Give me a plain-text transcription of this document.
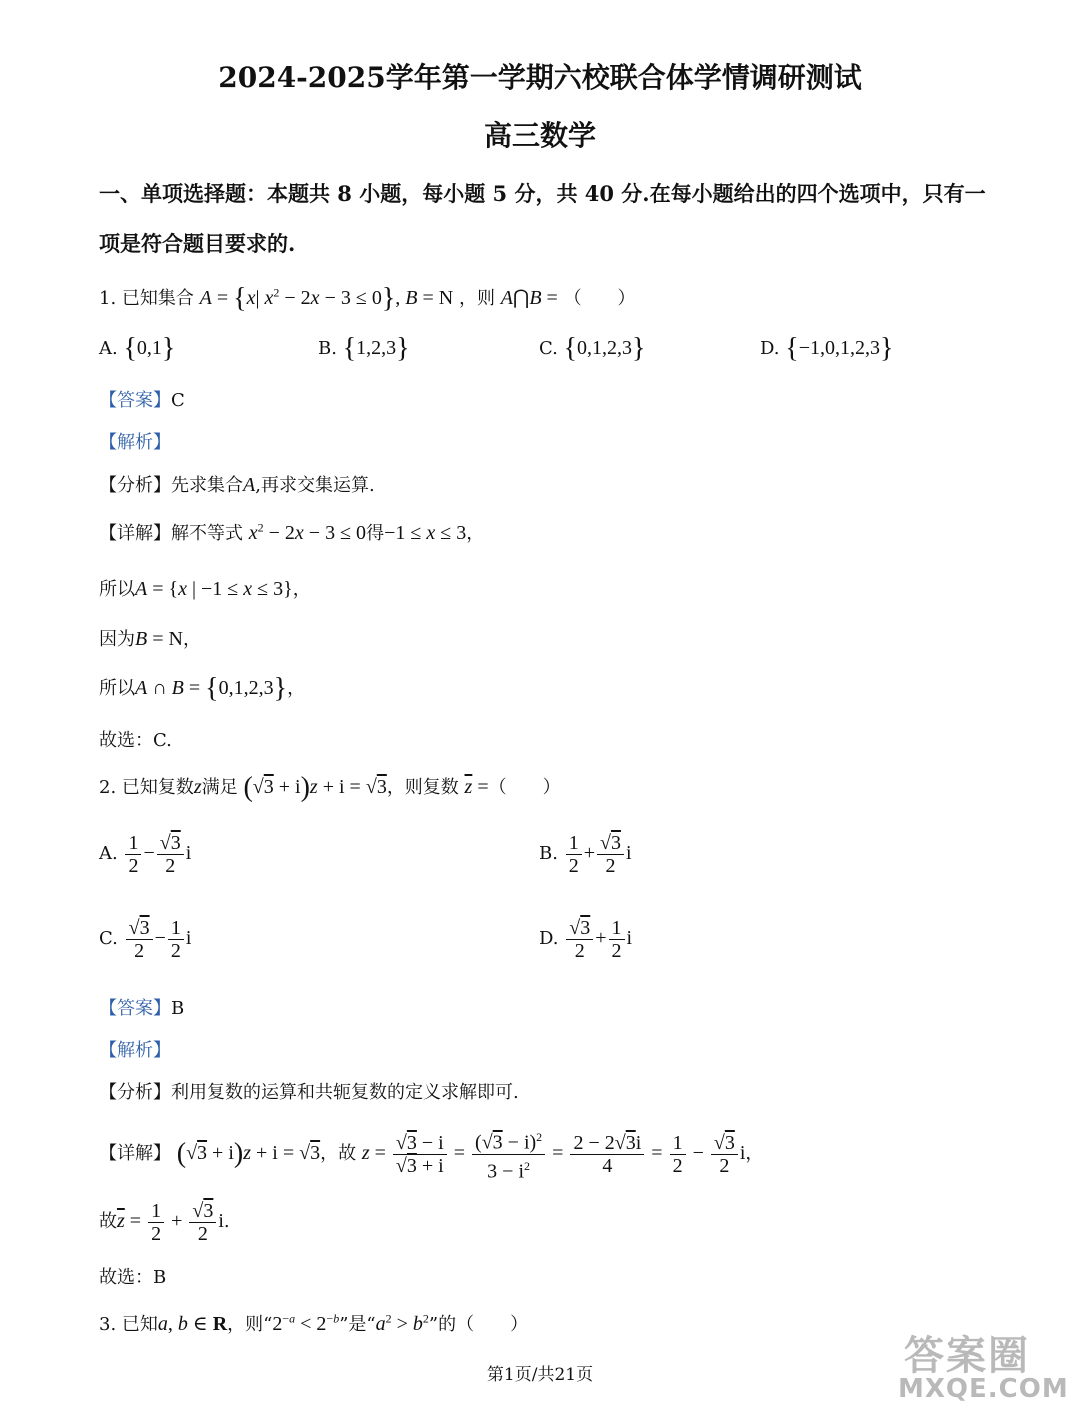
2024-2025学年第一学期六校联合体学情调研测试
高三数学
一、单项选择题：本题共 8 小题，每小题 5 分，共 40 分.在每小题给出的四个选项中，只有一
项是符合题目要求的.
1. 已知集合 A = {x| $x^2 - 2x - 3 \le 0$}, B = N ，则 A⋂B = （　　）
A. {0,1}	B. {1,2,3}	C. {0,1,2,3}	D. {−1,0,1,2,3}
【答案】C
【解析】
【分析】先求集合A,再求交集运算.
【详解】解不等式 $x^2 - 2x - 3 \le 0$得−1 ≤ x ≤ 3，
所以A = {x | −1 ≤ x ≤ 3}，
因为B = N，
所以A ∩ B = {0,1,2,3}，
故选：C.
2. 已知复数z满足 (√3 + i)z + i = √3，则复数 $\overline{z}$ =（　　）
A. $\frac{1}{2} - \frac{√3}{2}$ i	B. $\frac{1}{2} + \frac{√3}{2}$ i
C. $\frac{√3}{2} - \frac{1}{2}$ i	D. $\frac{√3}{2} + \frac{1}{2}$ i
【答案】B
【解析】
【分析】利用复数的运算和共轭复数的定义求解即可.
【详解】 (√3 + i)z + i = √3，故 $z = \frac{√3 - i}{√3 + i} = \frac{(√3 - i)^2}{3 - i^2} = \frac{2 - 2√3i}{4} = \frac{1}{2} - \frac{√3}{2}$ i，
故$\overline{z} = \frac{1}{2} + \frac{√3}{2} i$.
故选：B
3. 已知a, b ∈ R，则“$2^{-a} < 2^{-b}$”是“$a^2 > b^2$”的（　　）
第1页/共21页	答案圈
MXQE.COM
